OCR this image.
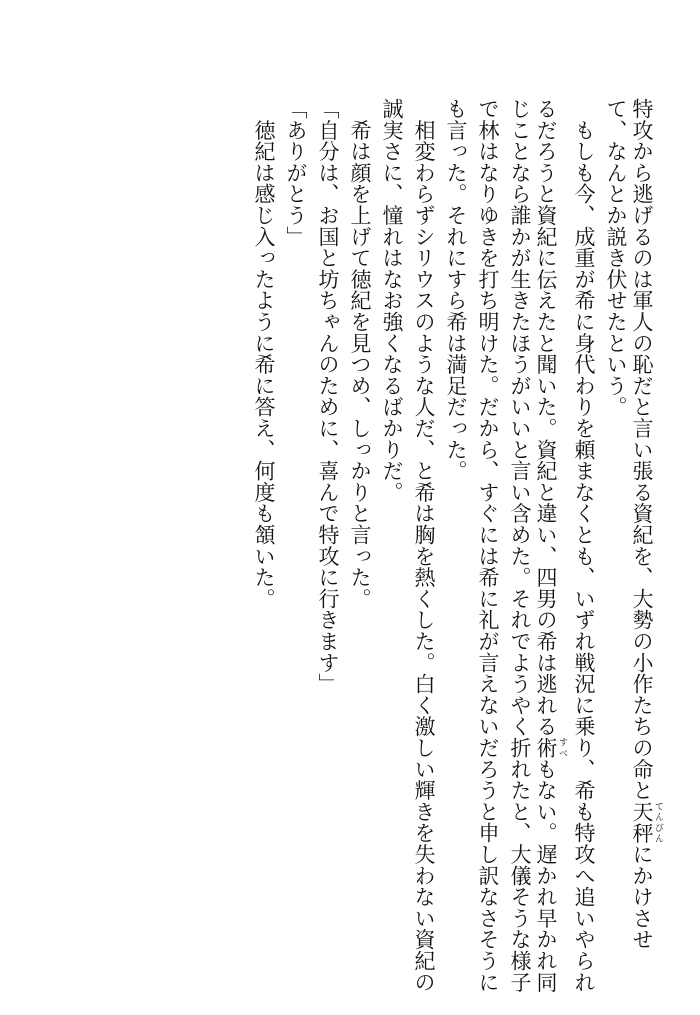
特攻から逃げるのは軍人の恥だと言い張る資紀を、大勢の小作たちの命と天秤 てんびんにかけさせ
て、なんとか説き伏せたという。
　もしも今、成重が希に身代わりを頼まなくとも、いずれ戦況に乗り、希も特攻へ追いやられ
るだろうと資紀に伝えたと聞いた。資紀と違い、四男の希は逃れる術 すべもない。遅かれ早かれ同
じことなら誰かが生きたほうがいいと言い含めた。それでようやく折れたと、大儀そうな様子
で林はなりゆきを打ち明けた。だから、すぐには希に礼が言えないだろうと申し訳なさそうに
も言った。それにすら希は満足だった。
　相変わらずシリウスのような人だ、と希は胸を熱くした。白く激しい輝きを失わない資紀の
誠実さに、憧れはなお強くなるばかりだ。
　希は顔を上げて徳紀を見つめ、しっかりと言った。
「自分は、お国と坊ちゃんのために、喜んで特攻に行きます」
「ありがとう」
　徳紀は感じ入ったように希に答え、何度も頷いた。
